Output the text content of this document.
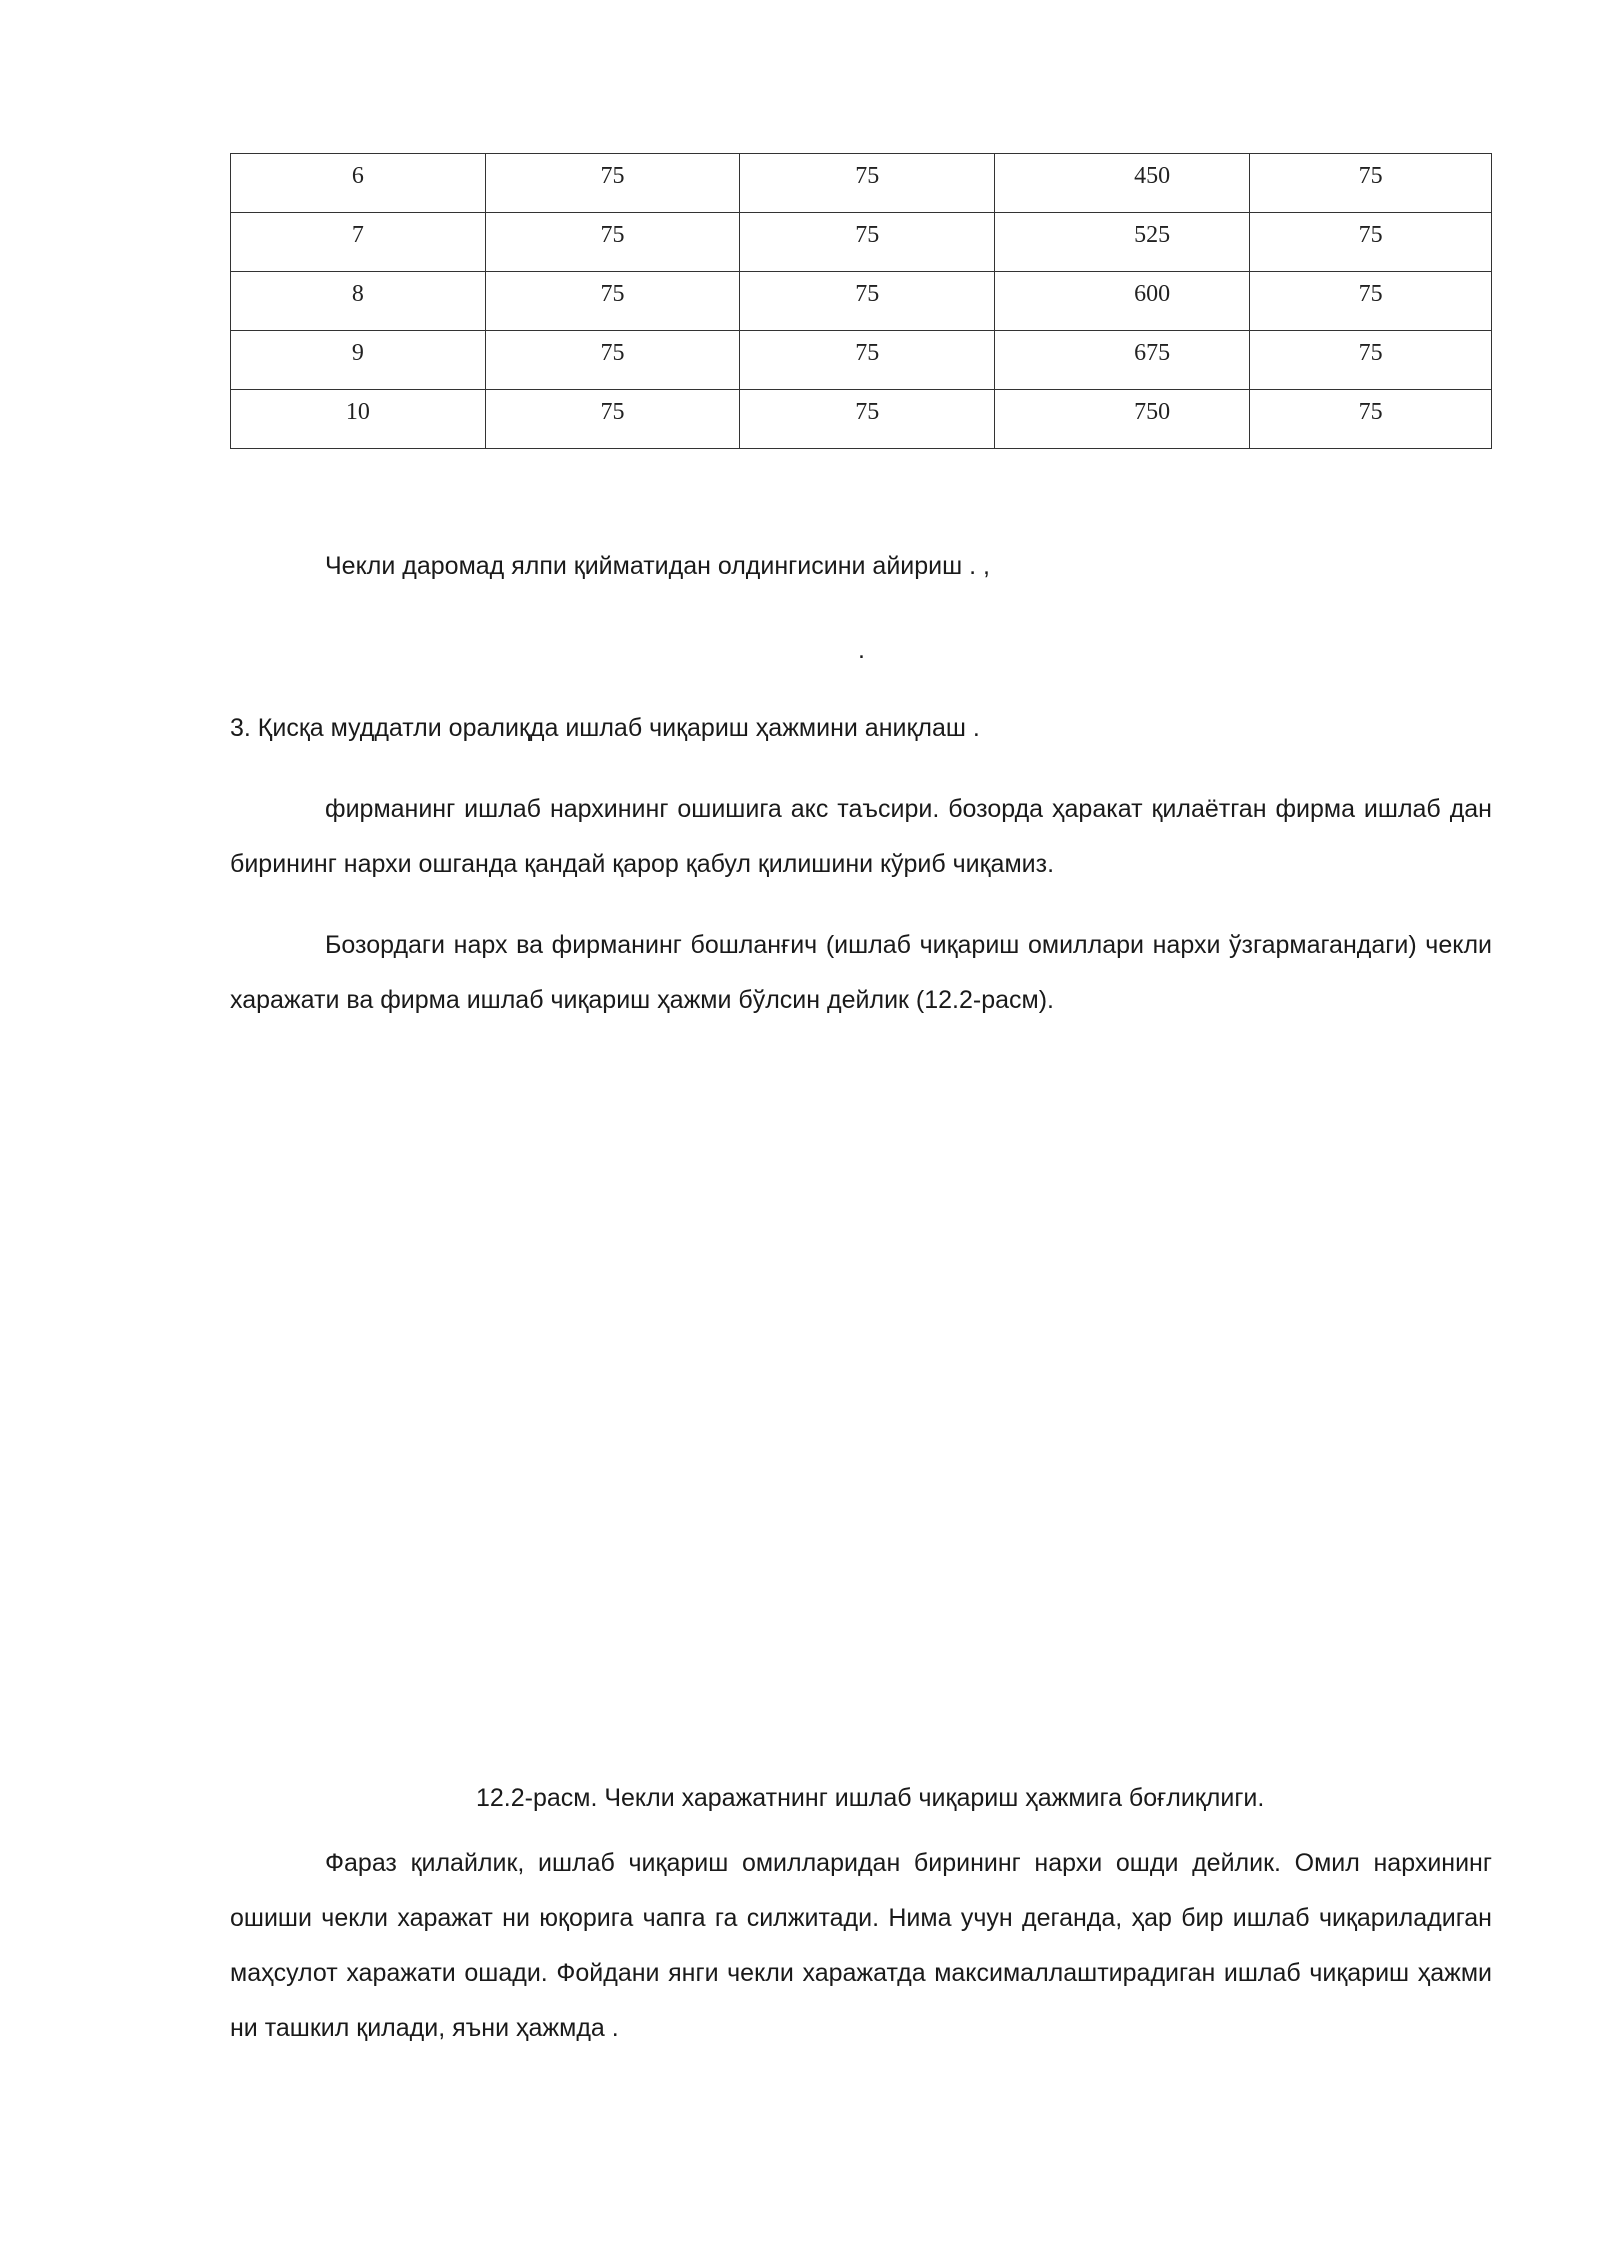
6	75	75	450	75
7	75	75	525	75
8	75	75	600	75
9	75	75	675	75
10	75	75	750	75
Чекли даромад ялпи қийматидан олдингисини айириш . ,
.
3. Қисқа муддатли оралиқда ишлаб чиқариш ҳажмини аниқлаш .
фирманинг ишлаб нархининг ошишига акс таъсири. бозорда ҳаракат қилаётган фирма ишлаб дан бирининг нархи ошганда қандай қарор қабул қилишини кўриб чиқамиз.
Бозордаги нарх ва фирманинг бошланғич (ишлаб чиқариш омиллари нархи ўзгармагандаги) чекли харажати ва фирма ишлаб чиқариш ҳажми бўлсин дейлик (12.2-расм).
12.2-расм. Чекли харажатнинг ишлаб чиқариш ҳажмига боғлиқлиги.
Фараз қилайлик, ишлаб чиқариш омилларидан бирининг нархи ошди дейлик. Омил нархининг ошиши чекли харажат ни юқорига чапга га силжитади. Нима учун деганда, ҳар бир ишлаб чиқариладиган маҳсулот харажати ошади. Фойдани янги чекли харажатда максималлаштирадиган ишлаб чиқариш ҳажми ни ташкил қилади, яъни ҳажмда .
